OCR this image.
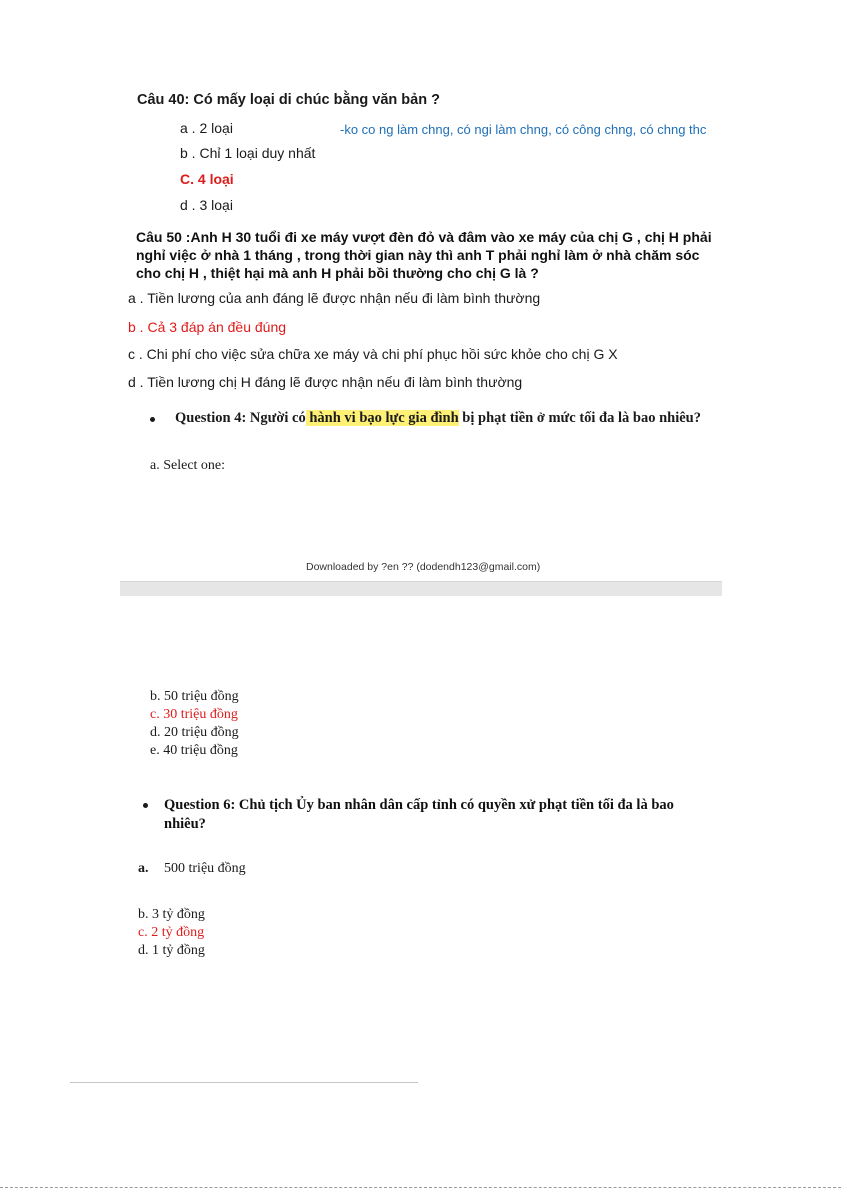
Câu 40: Có mấy loại di chúc bằng văn bản ?
a . 2 loại	-ko co ng làm chng, có ngi làm chng, có công chng, có chng thc
b . Chỉ 1 loại duy nhất
C. 4 loại
d . 3 loại
Câu 50 :Anh H 30 tuổi đi xe máy vượt đèn đỏ và đâm vào xe máy của chị G , chị H phải nghỉ việc ở nhà 1 tháng , trong thời gian này thì anh T phải nghỉ làm ở nhà chăm sóc cho chị H , thiệt hại mà anh H phải bồi thường cho chị G là ?
a . Tiền lương của anh đáng lẽ được nhận nếu đi làm bình thường
b . Cả 3 đáp án đều đúng
c . Chi phí cho việc sửa chữa xe máy và chi phí phục hồi sức khỏe cho chị G X
d . Tiền lương chị H đáng lẽ được nhận nếu đi làm bình thường
Question 4: Người có hành vi bạo lực gia đình bị phạt tiền ở mức tối đa là bao nhiêu?
a. Select one:
Downloaded by ?en ?? (dodendh123@gmail.com)
b. 50 triệu đồng
c. 30 triệu đồng
d. 20 triệu đồng
e. 40 triệu đồng
Question 6: Chủ tịch Ủy ban nhân dân cấp tỉnh có quyền xử phạt tiền tối đa là bao nhiêu?
a. 500 triệu đồng
b. 3 tỷ đồng
c. 2 tỷ đồng
d. 1 tỷ đồng
